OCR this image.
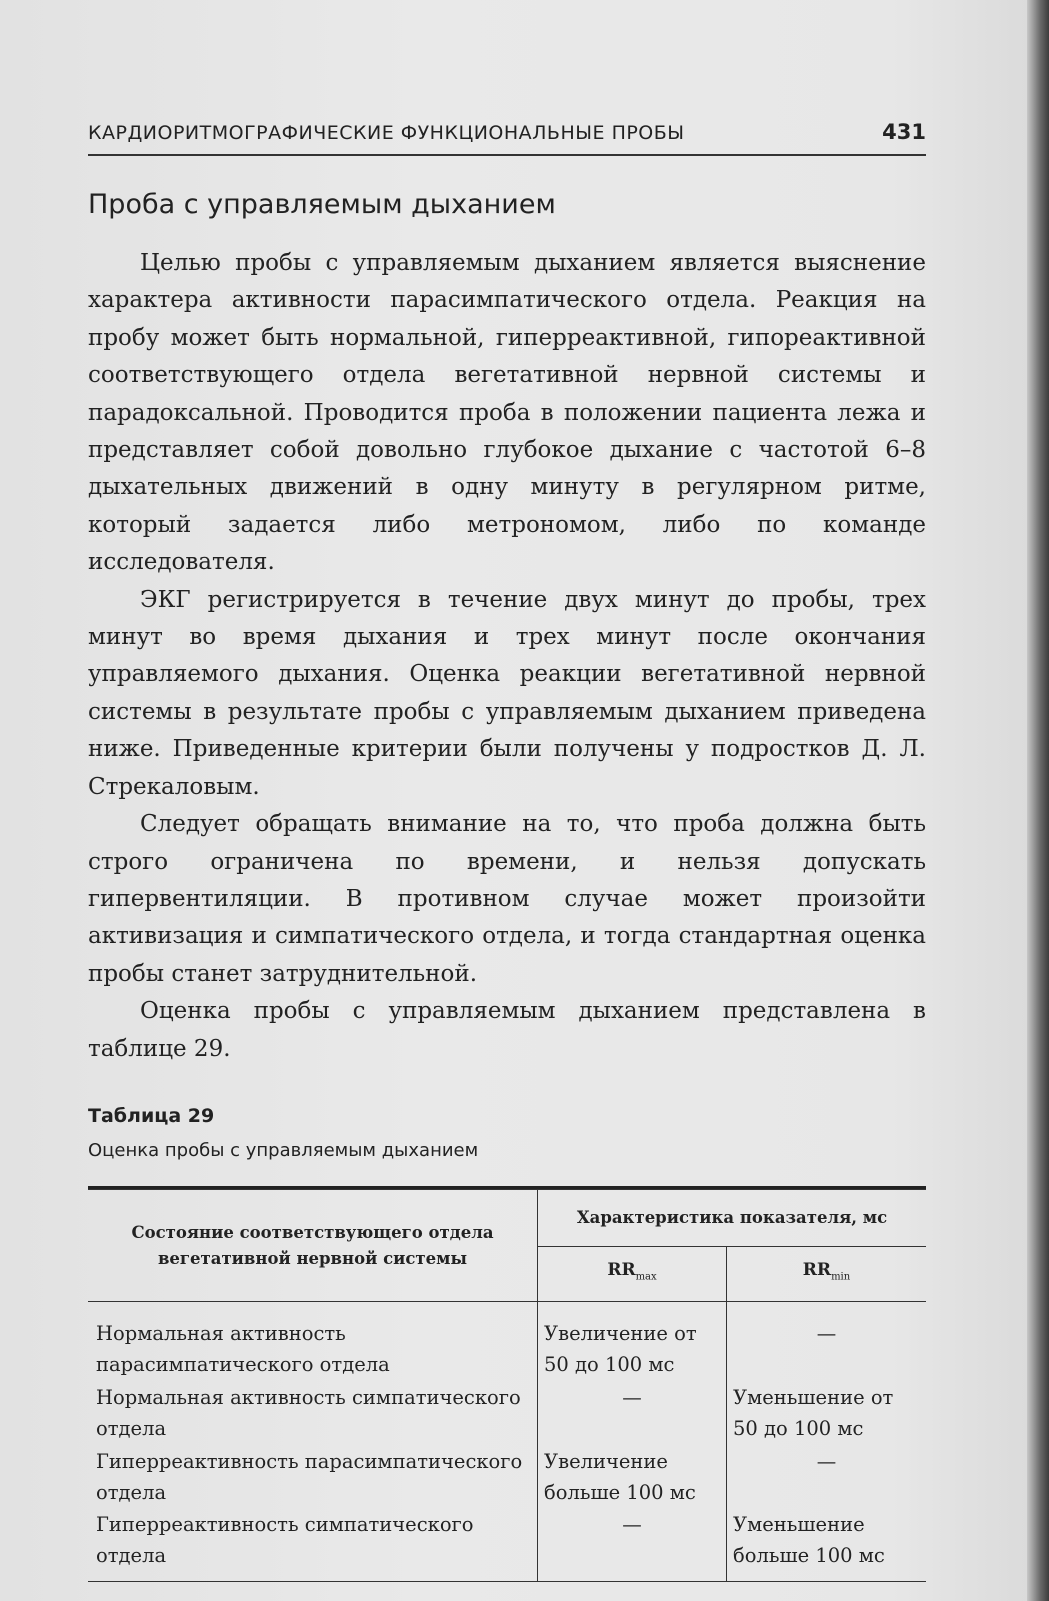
КАРДИОРИТМОГРАФИЧЕСКИЕ ФУНКЦИОНАЛЬНЫЕ ПРОБЫ	431
Проба с управляемым дыханием

Целью пробы с управляемым дыханием является выяснение характера активности парасимпатического отдела. Реакция на пробу может быть нормальной, гиперреактивной, гипореактивной соответствующего отдела вегетативной нервной системы и парадоксальной. Проводится проба в положении пациента лежа и представляет собой довольно глубокое дыхание с частотой 6–8 дыхательных движений в одну минуту в регулярном ритме, который задается либо метрономом, либо по команде исследователя.

ЭКГ регистрируется в течение двух минут до пробы, трех минут во время дыхания и трех минут после окончания управляемого дыхания. Оценка реакции вегетативной нервной системы в результате пробы с управляемым дыханием приведена ниже. Приведенные критерии были получены у подростков Д. Л. Стрекаловым.

Следует обращать внимание на то, что проба должна быть строго ограничена по времени, и нельзя допускать гипервентиляции. В противном случае может произойти активизация и симпатического отдела, и тогда стандартная оценка пробы станет затруднительной.

Оценка пробы с управляемым дыханием представлена в таблице 29.

Таблица 29
Оценка пробы с управляемым дыханием
Состояние соответствующего отдела вегетативной нервной системы	Характеристика показателя, мс	
	$RR_{max}$	$RR_{min}$
Нормальная активность парасимпатического отдела	Увеличение от 50 до 100 мс	—
Нормальная активность симпатического отдела	—	Уменьшение от 50 до 100 мс
Гиперреактивность парасимпатического отдела	Увеличение больше 100 мс	—
Гиперреактивность симпатического отдела	—	Уменьшение больше 100 мс
